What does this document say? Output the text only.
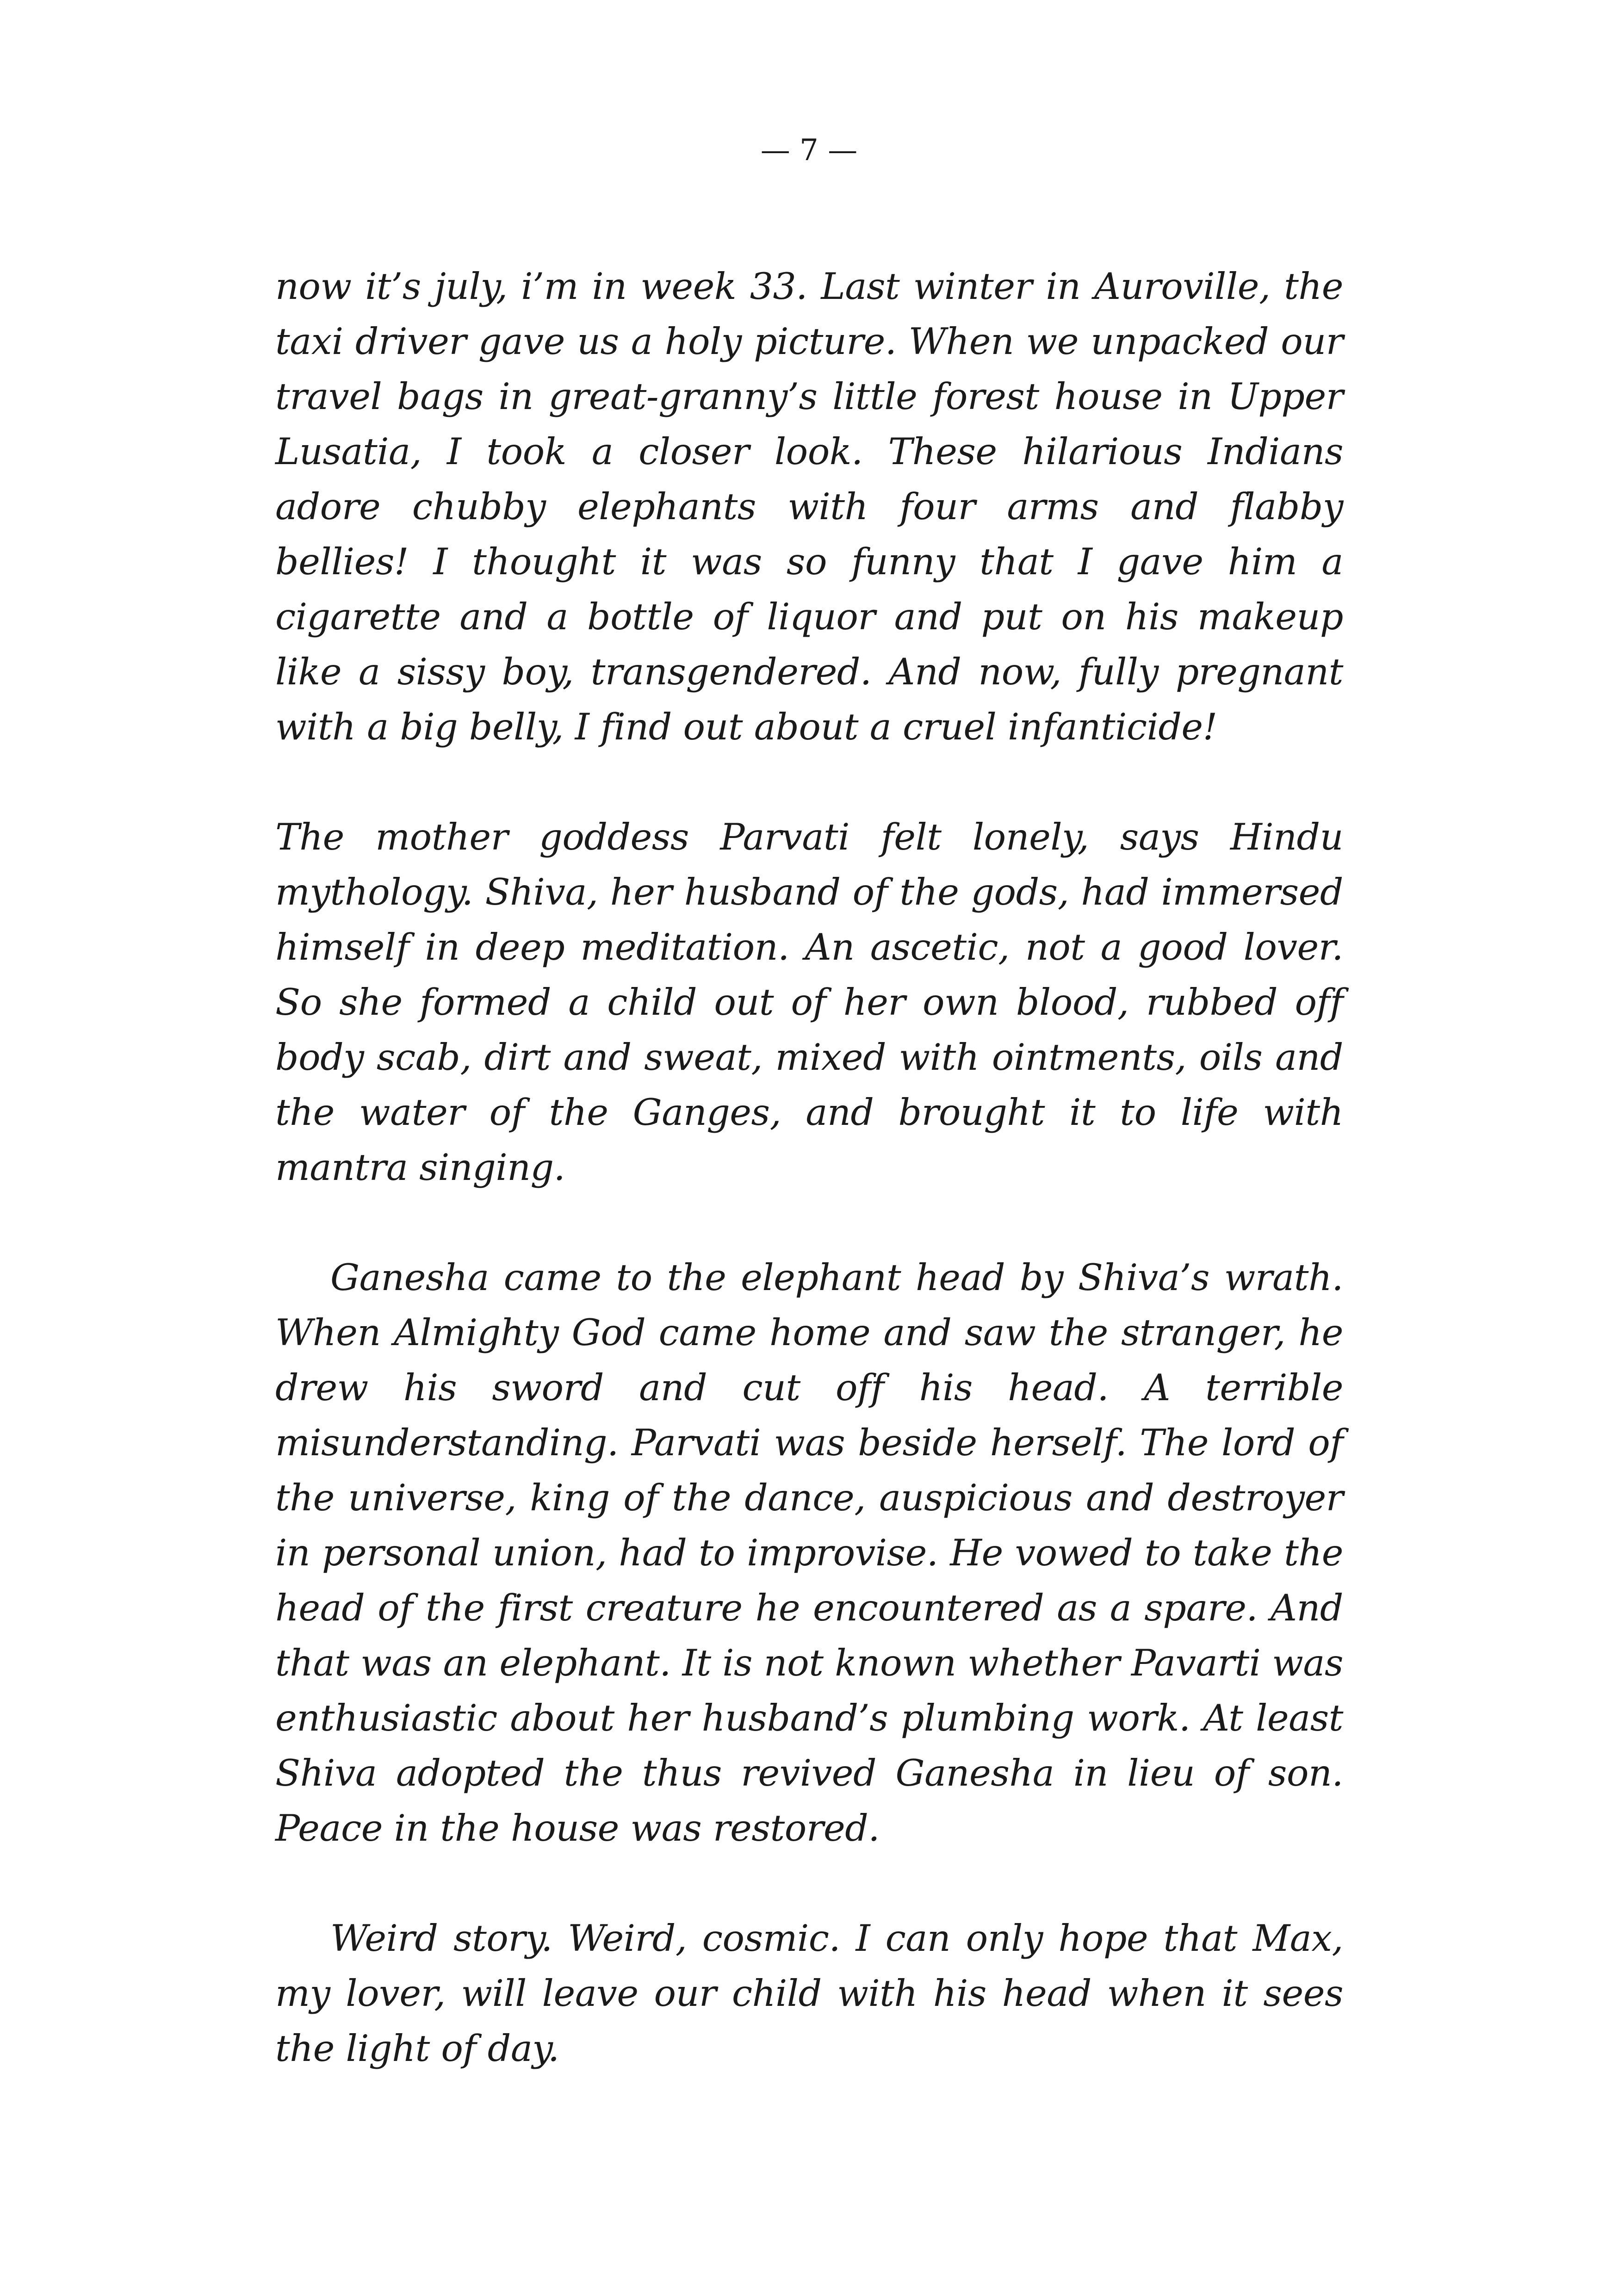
— 7 —

now it’s july, i’m in week 33. Last winter in Auroville, the taxi driver gave us a holy picture. When we unpacked our travel bags in great-granny’s little forest house in Upper Lusatia, I took a closer look. These hilarious Indians adore chubby elephants with four arms and flabby bellies! I thought it was so funny that I gave him a cigarette and a bottle of liquor and put on his makeup like a sissy boy, transgendered. And now, fully pregnant with a big belly, I find out about a cruel infanticide!

The mother goddess Parvati felt lonely, says Hindu mythology. Shiva, her husband of the gods, had immersed himself in deep meditation. An ascetic, not a good lover. So she formed a child out of her own blood, rubbed off body scab, dirt and sweat, mixed with ointments, oils and the water of the Ganges, and brought it to life with mantra singing.

Ganesha came to the elephant head by Shiva’s wrath. When Almighty God came home and saw the stranger, he drew his sword and cut off his head. A terrible misunderstanding. Parvati was beside herself. The lord of the universe, king of the dance, auspicious and destroyer in personal union, had to improvise. He vowed to take the head of the first creature he encountered as a spare. And that was an elephant. It is not known whether Pavarti was enthusiastic about her husband’s plumbing work. At least Shiva adopted the thus revived Ganesha in lieu of son. Peace in the house was restored.

Weird story. Weird, cosmic. I can only hope that Max, my lover, will leave our child with his head when it sees the light of day.
